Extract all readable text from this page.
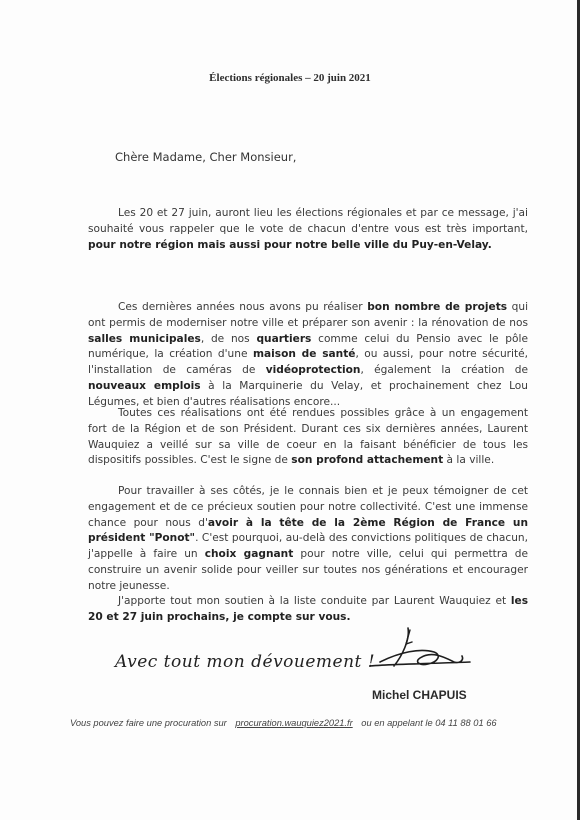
Élections régionales – 20 juin 2021
Chère Madame, Cher Monsieur,
Les 20 et 27 juin, auront lieu les élections régionales et par ce message, j'ai souhaité vous rappeler que le vote de chacun d'entre vous est très important, pour notre région mais aussi pour notre belle ville du Puy-en-Velay.
Ces dernières années nous avons pu réaliser bon nombre de projets qui ont permis de moderniser notre ville et préparer son avenir : la rénovation de nos salles municipales, de nos quartiers comme celui du Pensio avec le pôle numérique, la création d'une maison de santé, ou aussi, pour notre sécurité, l'installation de caméras de vidéoprotection, également la création de nouveaux emplois à la Marquinerie du Velay, et prochainement chez Lou Légumes, et bien d'autres réalisations encore...
Toutes ces réalisations ont été rendues possibles grâce à un engagement fort de la Région et de son Président. Durant ces six dernières années, Laurent Wauquiez a veillé sur sa ville de coeur en la faisant bénéficier de tous les dispositifs possibles. C'est le signe de son profond attachement à la ville.
Pour travailler à ses côtés, je le connais bien et je peux témoigner de cet engagement et de ce précieux soutien pour notre collectivité. C'est une immense chance pour nous d'avoir à la tête de la 2ème Région de France un président "Ponot". C'est pourquoi, au-delà des convictions politiques de chacun, j'appelle à faire un choix gagnant pour notre ville, celui qui permettra de construire un avenir solide pour veiller sur toutes nos générations et encourager notre jeunesse.
J'apporte tout mon soutien à la liste conduite par Laurent Wauquiez et les 20 et 27 juin prochains, je compte sur vous.
Avec tout mon dévouement !
Michel CHAPUIS
Vous pouvez faire une procuration sur procuration.wauquiez2021.fr ou en appelant le 04 11 88 01 66
